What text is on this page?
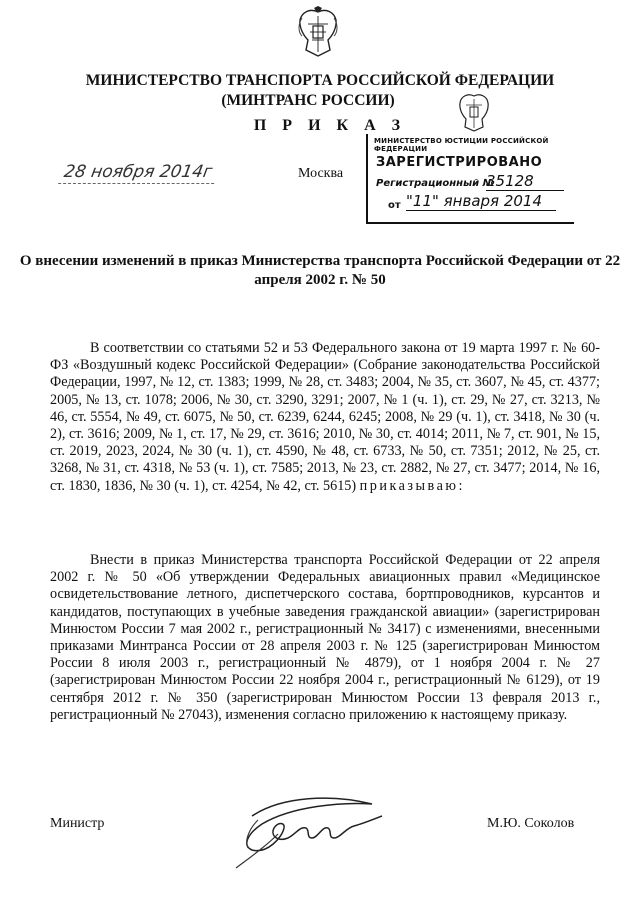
МИНИСТЕРСТВО ТРАНСПОРТА РОССИЙСКОЙ ФЕДЕРАЦИИ
(МИНТРАНС РОССИИ)
П Р И К А З
28 ноября 2014г	Москва
МИНИСТЕРСТВО ЮСТИЦИИ РОССИЙСКОЙ ФЕДЕРАЦИИ
ЗАРЕГИСТРИРОВАНО
Регистрационный №
35128
от "11" января 2014
О внесении изменений в приказ Министерства транспорта Российской Федерации от 22 апреля 2002 г. № 50
В соответствии со статьями 52 и 53 Федерального закона от 19 марта 1997 г. № 60-ФЗ «Воздушный кодекс Российской Федерации» (Собрание законодательства Российской Федерации, 1997, № 12, ст. 1383; 1999, № 28, ст. 3483; 2004, № 35, ст. 3607, № 45, ст. 4377; 2005, № 13, ст. 1078; 2006, № 30, ст. 3290, 3291; 2007, № 1 (ч. 1), ст. 29, № 27, ст. 3213, № 46, ст. 5554, № 49, ст. 6075, № 50, ст. 6239, 6244, 6245; 2008, № 29 (ч. 1), ст. 3418, № 30 (ч. 2), ст. 3616; 2009, № 1, ст. 17, № 29, ст. 3616; 2010, № 30, ст. 4014; 2011, № 7, ст. 901, № 15, ст. 2019, 2023, 2024, № 30 (ч. 1), ст. 4590, № 48, ст. 6733, № 50, ст. 7351; 2012, № 25, ст. 3268, № 31, ст. 4318, № 53 (ч. 1), ст. 7585; 2013, № 23, ст. 2882, № 27, ст. 3477; 2014, № 16, ст. 1830, 1836, № 30 (ч. 1), ст. 4254, № 42, ст. 5615) приказываю:
Внести в приказ Министерства транспорта Российской Федерации от 22 апреля 2002 г. № 50 «Об утверждении Федеральных авиационных правил «Медицинское освидетельствование летного, диспетчерского состава, бортпроводников, курсантов и кандидатов, поступающих в учебные заведения гражданской авиации» (зарегистрирован Минюстом России 7 мая 2002 г., регистрационный № 3417) с изменениями, внесенными приказами Минтранса России от 28 апреля 2003 г. № 125 (зарегистрирован Минюстом России 8 июля 2003 г., регистрационный № 4879), от 1 ноября 2004 г. № 27 (зарегистрирован Минюстом России 22 ноября 2004 г., регистрационный № 6129), от 19 сентября 2012 г. № 350 (зарегистрирован Минюстом России 13 февраля 2013 г., регистрационный № 27043), изменения согласно приложению к настоящему приказу.
Министр	М.Ю. Соколов
